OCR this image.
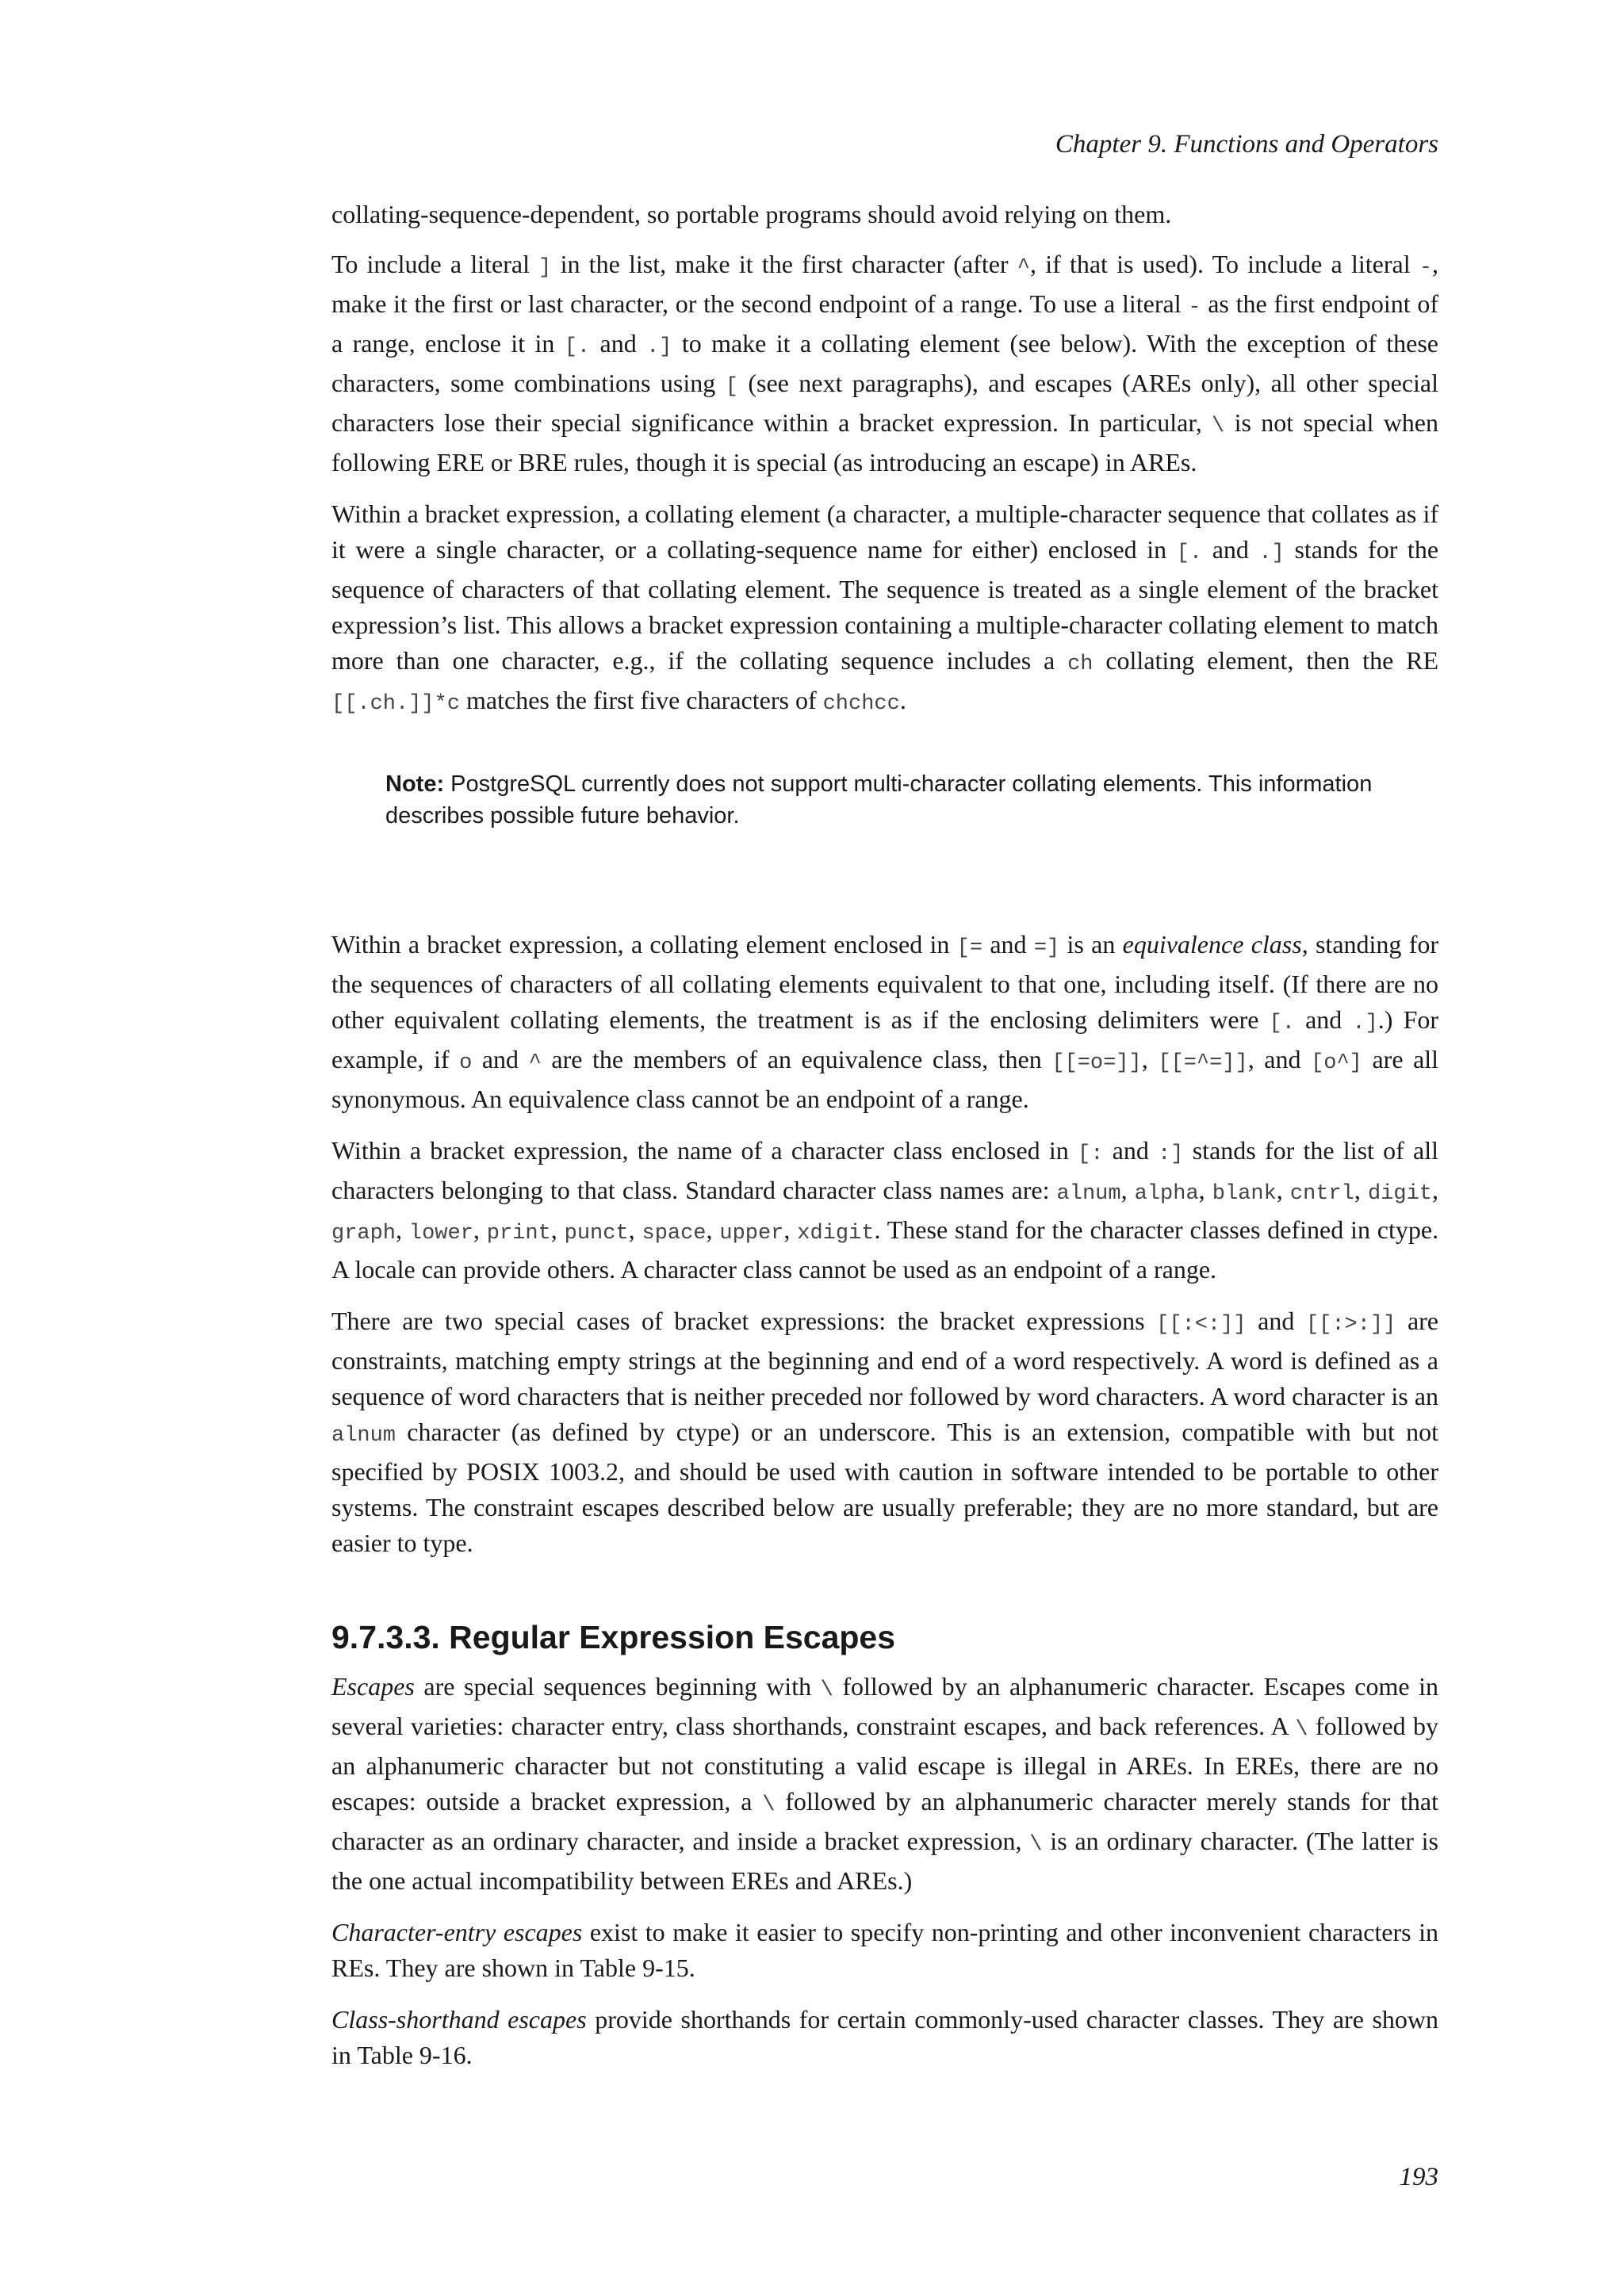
Chapter 9. Functions and Operators

collating-sequence-dependent, so portable programs should avoid relying on them.

To include a literal ] in the list, make it the first character (after ^, if that is used). To include a literal -, make it the first or last character, or the second endpoint of a range. To use a literal - as the first endpoint of a range, enclose it in [. and .] to make it a collating element (see below). With the exception of these characters, some combinations using [ (see next paragraphs), and escapes (AREs only), all other special characters lose their special significance within a bracket expression. In particular, \ is not special when following ERE or BRE rules, though it is special (as introducing an escape) in AREs.

Within a bracket expression, a collating element (a character, a multiple-character sequence that collates as if it were a single character, or a collating-sequence name for either) enclosed in [. and .] stands for the sequence of characters of that collating element. The sequence is treated as a single element of the bracket expression’s list. This allows a bracket expression containing a multiple-character collating element to match more than one character, e.g., if the collating sequence includes a ch collating element, then the RE [[.ch.]]*c matches the first five characters of chchcc.

Note: PostgreSQL currently does not support multi-character collating elements. This information describes possible future behavior.

Within a bracket expression, a collating element enclosed in [= and =] is an equivalence class, standing for the sequences of characters of all collating elements equivalent to that one, including itself. (If there are no other equivalent collating elements, the treatment is as if the enclosing delimiters were [. and .].) For example, if o and ^ are the members of an equivalence class, then [[=o=]], [[=^=]], and [o^] are all synonymous. An equivalence class cannot be an endpoint of a range.

Within a bracket expression, the name of a character class enclosed in [: and :] stands for the list of all characters belonging to that class. Standard character class names are: alnum, alpha, blank, cntrl, digit, graph, lower, print, punct, space, upper, xdigit. These stand for the character classes defined in ctype. A locale can provide others. A character class cannot be used as an endpoint of a range.

There are two special cases of bracket expressions: the bracket expressions [[:<:]] and [[:>:]] are constraints, matching empty strings at the beginning and end of a word respectively. A word is defined as a sequence of word characters that is neither preceded nor followed by word characters. A word character is an alnum character (as defined by ctype) or an underscore. This is an extension, compatible with but not specified by POSIX 1003.2, and should be used with caution in software intended to be portable to other systems. The constraint escapes described below are usually preferable; they are no more standard, but are easier to type.

9.7.3.3. Regular Expression Escapes

Escapes are special sequences beginning with \ followed by an alphanumeric character. Escapes come in several varieties: character entry, class shorthands, constraint escapes, and back references. A \ followed by an alphanumeric character but not constituting a valid escape is illegal in AREs. In EREs, there are no escapes: outside a bracket expression, a \ followed by an alphanumeric character merely stands for that character as an ordinary character, and inside a bracket expression, \ is an ordinary character. (The latter is the one actual incompatibility between EREs and AREs.)

Character-entry escapes exist to make it easier to specify non-printing and other inconvenient characters in REs. They are shown in Table 9-15.

Class-shorthand escapes provide shorthands for certain commonly-used character classes. They are shown in Table 9-16.

193
